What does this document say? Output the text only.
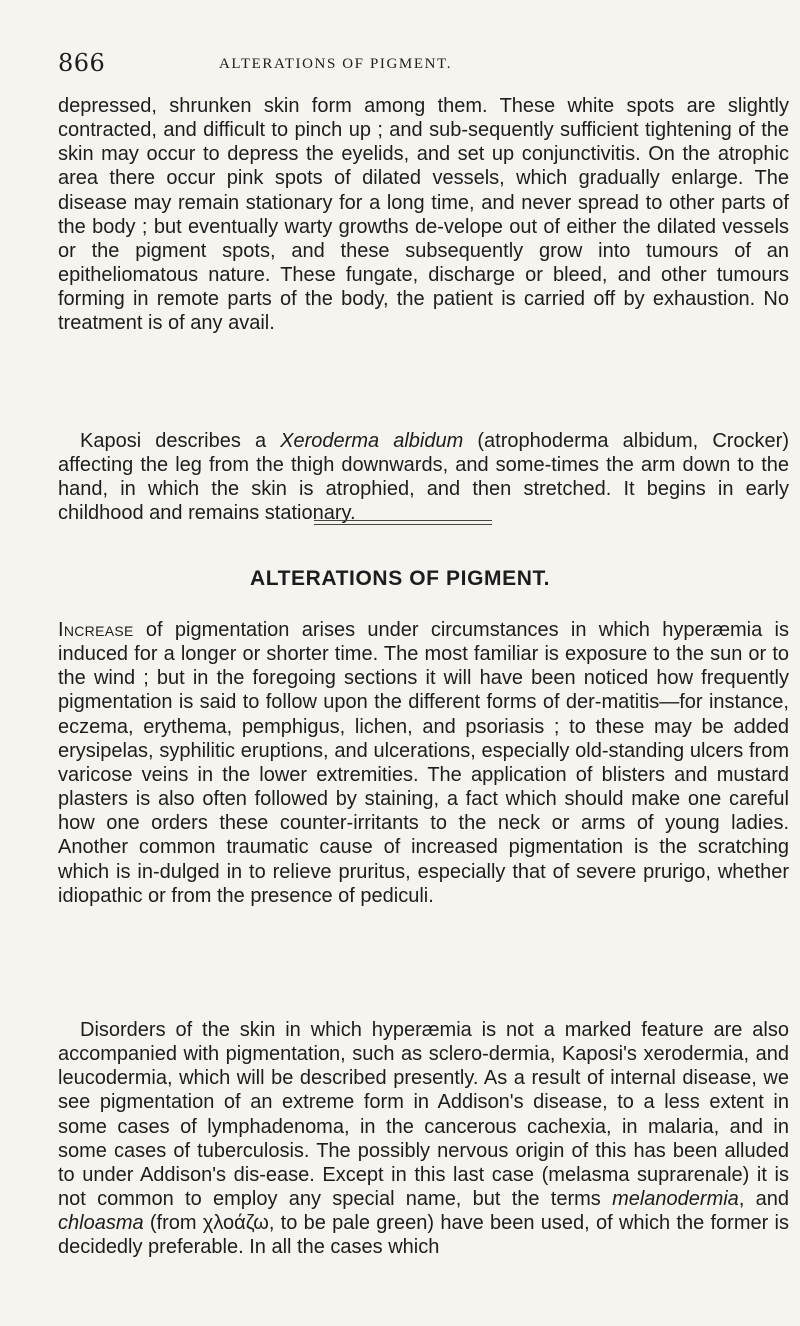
866	ALTERATIONS OF PIGMENT.

depressed, shrunken skin form among them. These white spots are slightly contracted, and difficult to pinch up ; and sub-sequently sufficient tightening of the skin may occur to depress the eyelids, and set up conjunctivitis. On the atrophic area there occur pink spots of dilated vessels, which gradually enlarge. The disease may remain stationary for a long time, and never spread to other parts of the body ; but eventually warty growths de-velope out of either the dilated vessels or the pigment spots, and these subsequently grow into tumours of an epitheliomatous nature. These fungate, discharge or bleed, and other tumours forming in remote parts of the body, the patient is carried off by exhaustion. No treatment is of any avail.

Kaposi describes a Xeroderma albidum (atrophoderma albidum, Crocker) affecting the leg from the thigh downwards, and some-times the arm down to the hand, in which the skin is atrophied, and then stretched. It begins in early childhood and remains stationary.

ALTERATIONS OF PIGMENT.

Increase of pigmentation arises under circumstances in which hyperæmia is induced for a longer or shorter time. The most familiar is exposure to the sun or to the wind ; but in the foregoing sections it will have been noticed how frequently pigmentation is said to follow upon the different forms of der-matitis—for instance, eczema, erythema, pemphigus, lichen, and psoriasis ; to these may be added erysipelas, syphilitic eruptions, and ulcerations, especially old-standing ulcers from varicose veins in the lower extremities. The application of blisters and mustard plasters is also often followed by staining, a fact which should make one careful how one orders these counter-irritants to the neck or arms of young ladies. Another common traumatic cause of increased pigmentation is the scratching which is in-dulged in to relieve pruritus, especially that of severe prurigo, whether idiopathic or from the presence of pediculi.

Disorders of the skin in which hyperæmia is not a marked feature are also accompanied with pigmentation, such as sclero-dermia, Kaposi's xerodermia, and leucodermia, which will be described presently. As a result of internal disease, we see pigmentation of an extreme form in Addison's disease, to a less extent in some cases of lymphadenoma, in the cancerous cachexia, in malaria, and in some cases of tuberculosis. The possibly nervous origin of this has been alluded to under Addison's dis-ease. Except in this last case (melasma suprarenale) it is not common to employ any special name, but the terms melanodermia, and chloasma (from χλοάζω, to be pale green) have been used, of which the former is decidedly preferable. In all the cases which
